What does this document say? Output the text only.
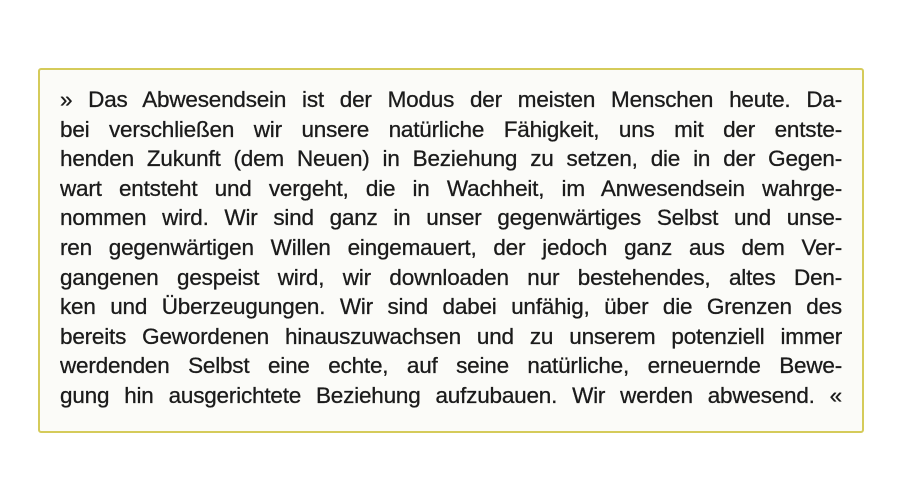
» Das Abwesendsein ist der Modus der meisten Menschen heute. Da-
bei verschließen wir unsere natürliche Fähigkeit, uns mit der entste-
henden Zukunft (dem Neuen) in Beziehung zu setzen, die in der Gegen-
wart entsteht und vergeht, die in Wachheit, im Anwesendsein wahrge-
nommen wird. Wir sind ganz in unser gegenwärtiges Selbst und unse-
ren gegenwärtigen Willen eingemauert, der jedoch ganz aus dem Ver-
gangenen gespeist wird, wir downloaden nur bestehendes, altes Den-
ken und Überzeugungen. Wir sind dabei unfähig, über die Grenzen des
bereits Gewordenen hinauszuwachsen und zu unserem potenziell immer
werdenden Selbst eine echte, auf seine natürliche, erneuernde Bewe-
gung hin ausgerichtete Beziehung aufzubauen. Wir werden abwesend. «
